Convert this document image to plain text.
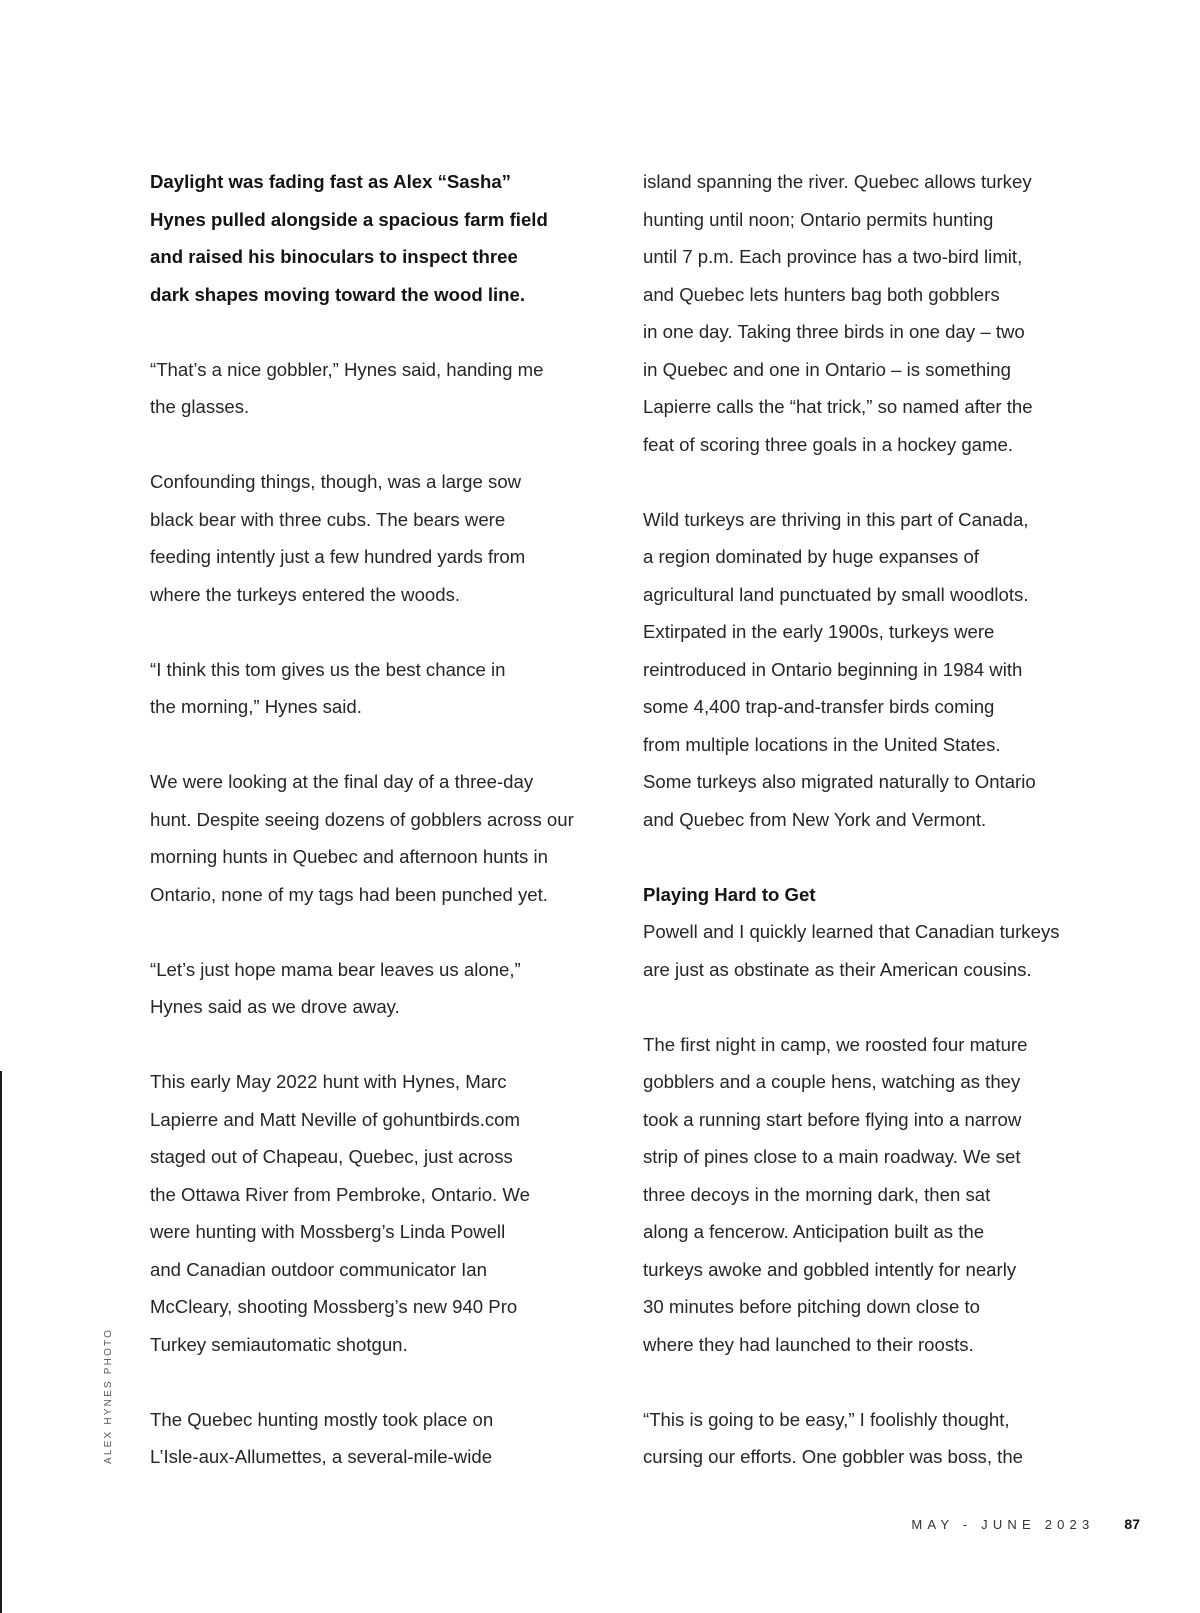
Daylight was fading fast as Alex “Sasha”
Hynes pulled alongside a spacious farm field
and raised his binoculars to inspect three
dark shapes moving toward the wood line.

“That’s a nice gobbler,” Hynes said, handing me
the glasses.

Confounding things, though, was a large sow
black bear with three cubs. The bears were
feeding intently just a few hundred yards from
where the turkeys entered the woods.

“I think this tom gives us the best chance in
the morning,” Hynes said.

We were looking at the final day of a three-day
hunt. Despite seeing dozens of gobblers across our
morning hunts in Quebec and afternoon hunts in
Ontario, none of my tags had been punched yet.

“Let’s just hope mama bear leaves us alone,”
Hynes said as we drove away.

This early May 2022 hunt with Hynes, Marc
Lapierre and Matt Neville of gohuntbirds.com
staged out of Chapeau, Quebec, just across
the Ottawa River from Pembroke, Ontario. We
were hunting with Mossberg’s Linda Powell
and Canadian outdoor communicator Ian
McCleary, shooting Mossberg’s new 940 Pro
Turkey semiautomatic shotgun.

The Quebec hunting mostly took place on
L’Isle-aux-Allumettes, a several-mile-wide

island spanning the river. Quebec allows turkey
hunting until noon; Ontario permits hunting
until 7 p.m. Each province has a two-bird limit,
and Quebec lets hunters bag both gobblers
in one day. Taking three birds in one day – two
in Quebec and one in Ontario – is something
Lapierre calls the “hat trick,” so named after the
feat of scoring three goals in a hockey game.

Wild turkeys are thriving in this part of Canada,
a region dominated by huge expanses of
agricultural land punctuated by small woodlots.
Extirpated in the early 1900s, turkeys were
reintroduced in Ontario beginning in 1984 with
some 4,400 trap-and-transfer birds coming
from multiple locations in the United States.
Some turkeys also migrated naturally to Ontario
and Quebec from New York and Vermont.

Playing Hard to Get

Powell and I quickly learned that Canadian turkeys
are just as obstinate as their American cousins.

The first night in camp, we roosted four mature
gobblers and a couple hens, watching as they
took a running start before flying into a narrow
strip of pines close to a main roadway. We set
three decoys in the morning dark, then sat
along a fencerow. Anticipation built as the
turkeys awoke and gobbled intently for nearly
30 minutes before pitching down close to
where they had launched to their roosts.

“This is going to be easy,” I foolishly thought,
cursing our efforts. One gobbler was boss, the

ALEX HYNES PHOTO
MAY - JUNE 2023 87
